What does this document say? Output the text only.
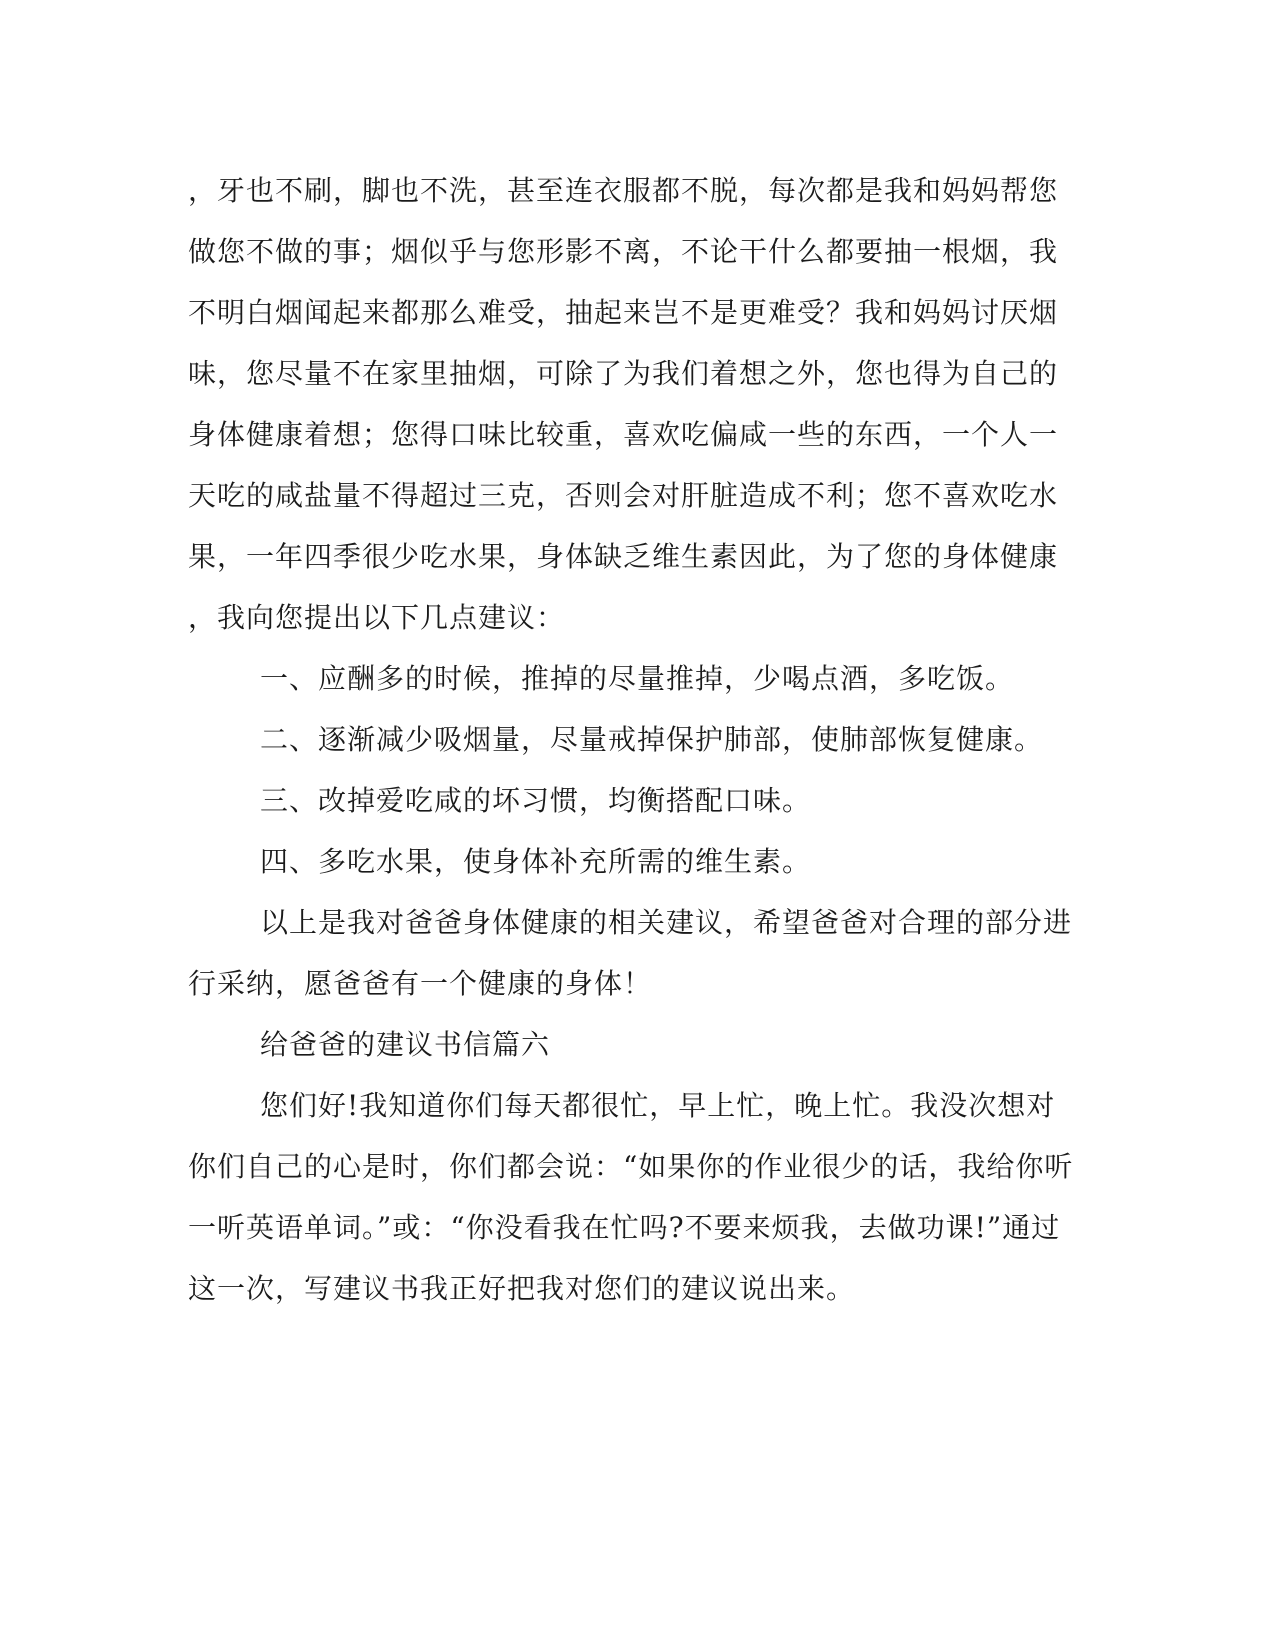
，牙也不刷，脚也不洗，甚至连衣服都不脱，每次都是我和妈妈帮您
做您不做的事；烟似乎与您形影不离，不论干什么都要抽一根烟，我
不明白烟闻起来都那么难受，抽起来岂不是更难受？我和妈妈讨厌烟
味，您尽量不在家里抽烟，可除了为我们着想之外，您也得为自己的
身体健康着想；您得口味比较重，喜欢吃偏咸一些的东西，一个人一
天吃的咸盐量不得超过三克，否则会对肝脏造成不利；您不喜欢吃水
果，一年四季很少吃水果，身体缺乏维生素因此，为了您的身体健康
，我向您提出以下几点建议：
一、应酬多的时候，推掉的尽量推掉，少喝点酒，多吃饭。
二、逐渐减少吸烟量，尽量戒掉保护肺部，使肺部恢复健康。
三、改掉爱吃咸的坏习惯，均衡搭配口味。
四、多吃水果，使身体补充所需的维生素。
以上是我对爸爸身体健康的相关建议，希望爸爸对合理的部分进
行采纳，愿爸爸有一个健康的身体！
给爸爸的建议书信篇六
您们好!我知道你们每天都很忙，早上忙，晚上忙。我没次想对
你们自己的心是时，你们都会说：“如果你的作业很少的话，我给你听
一听英语单词。”或：“你没看我在忙吗?不要来烦我，去做功课!”通过
这一次，写建议书我正好把我对您们的建议说出来。
